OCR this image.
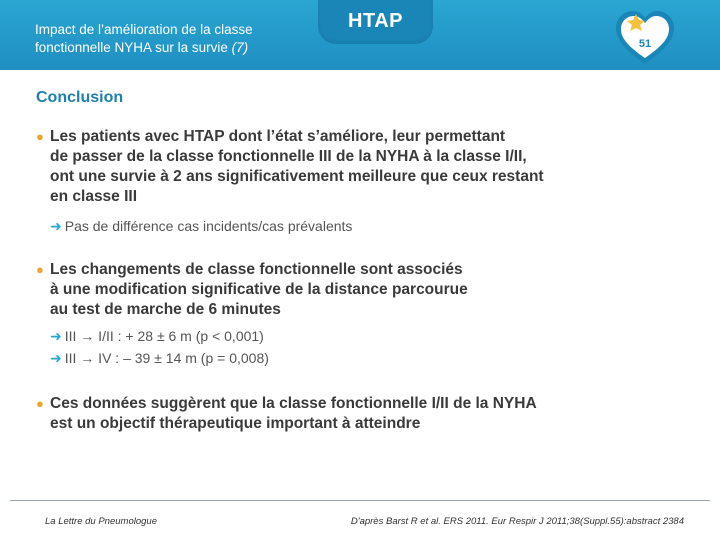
Impact de l’amélioration de la classe
fonctionnelle NYHA sur la survie (7)
HTAP
51
Conclusion
● Les patients avec HTAP dont l’état s’améliore, leur permettant
de passer de la classe fonctionnelle III de la NYHA à la classe I/II,
ont une survie à 2 ans significativement meilleure que ceux restant
en classe III
➜ Pas de différence cas incidents/cas prévalents
● Les changements de classe fonctionnelle sont associés
à une modification significative de la distance parcourue
au test de marche de 6 minutes
➜ III → I/II : + 28 ± 6 m (p < 0,001)
➜ III → IV : – 39 ± 14 m (p = 0,008)
● Ces données suggèrent que la classe fonctionnelle I/II de la NYHA
est un objectif thérapeutique important à atteindre
La Lettre du Pneumologue	D'après Barst R et al. ERS 2011. Eur Respir J 2011;38(Suppl.55):abstract 2384
